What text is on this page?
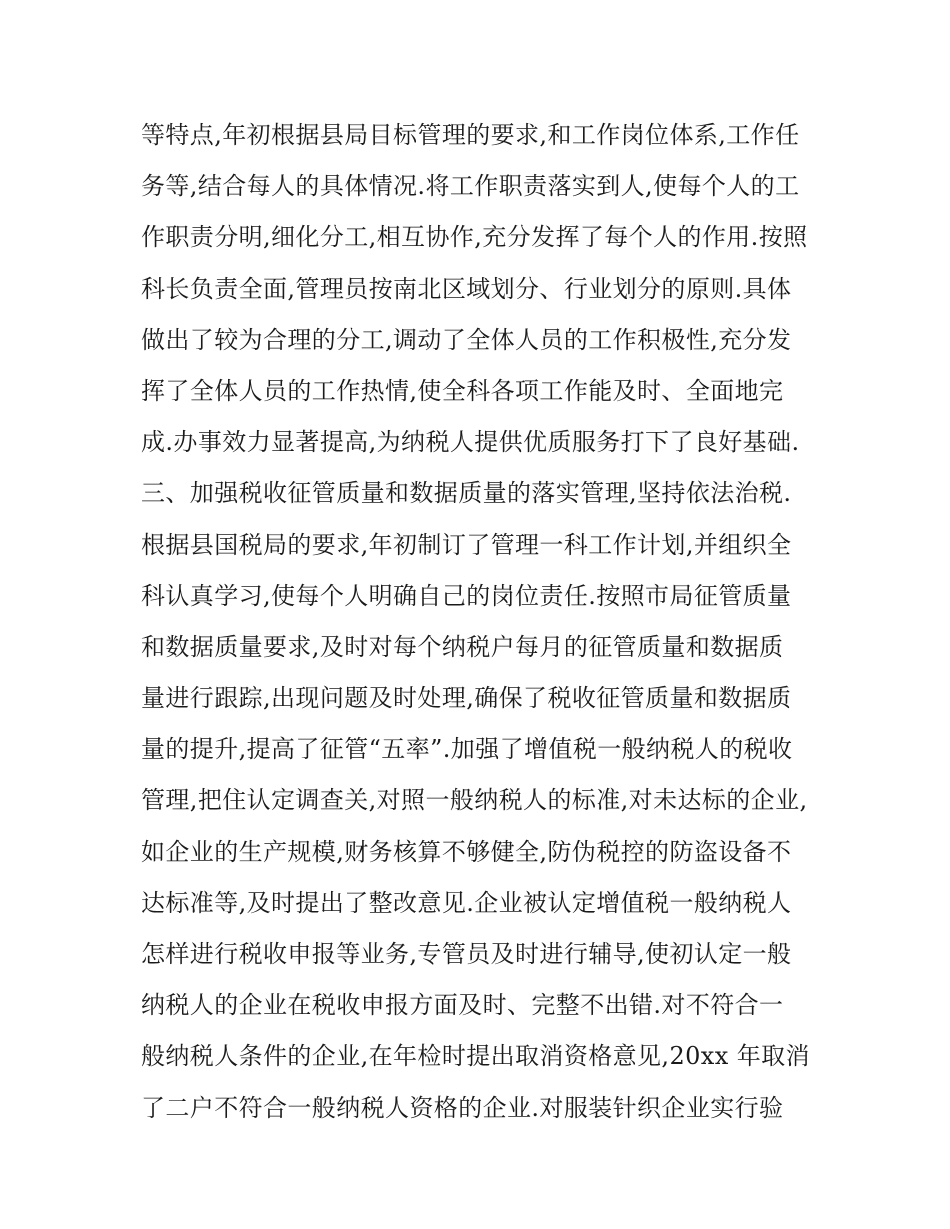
等特点,年初根据县局目标管理的要求,和工作岗位体系,工作任
务等,结合每人的具体情况.将工作职责落实到人,使每个人的工
作职责分明,细化分工,相互协作,充分发挥了每个人的作用.按照
科长负责全面,管理员按南北区域划分、行业划分的原则.具体
做出了较为合理的分工,调动了全体人员的工作积极性,充分发
挥了全体人员的工作热情,使全科各项工作能及时、全面地完
成.办事效力显著提高,为纳税人提供优质服务打下了良好基础.
三、加强税收征管质量和数据质量的落实管理,坚持依法治税.
根据县国税局的要求,年初制订了管理一科工作计划,并组织全
科认真学习,使每个人明确自己的岗位责任.按照市局征管质量
和数据质量要求,及时对每个纳税户每月的征管质量和数据质
量进行跟踪,出现问题及时处理,确保了税收征管质量和数据质
量的提升,提高了征管“五率”.加强了增值税一般纳税人的税收
管理,把住认定调查关,对照一般纳税人的标准,对未达标的企业,
如企业的生产规模,财务核算不够健全,防伪税控的防盗设备不
达标准等,及时提出了整改意见.企业被认定增值税一般纳税人
怎样进行税收申报等业务,专管员及时进行辅导,使初认定一般
纳税人的企业在税收申报方面及时、完整不出错.对不符合一
般纳税人条件的企业,在年检时提出取消资格意见,20xx 年取消
了二户不符合一般纳税人资格的企业.对服装针织企业实行验
